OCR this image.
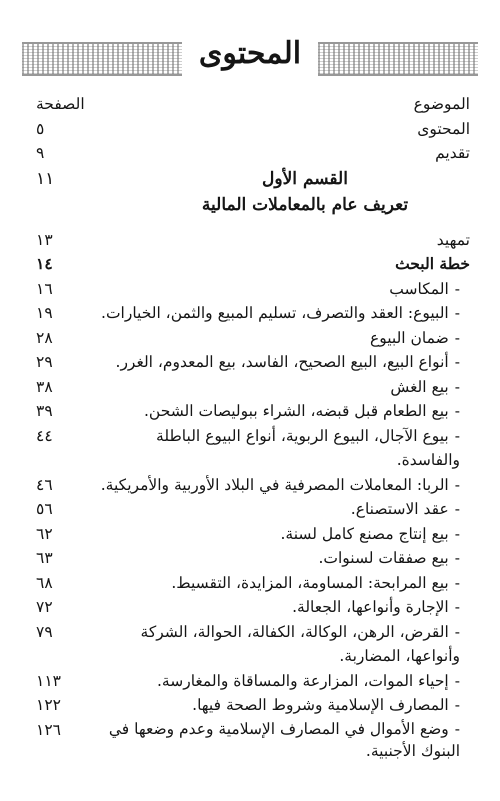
المحتوى
الموضوع
الصفحة
المحتوى
٥
تقديم
٩
القسم الأول
١١
تعريف عام بالمعاملات المالية
تمهيد
١٣
خطة البحث
١٤
-المكاسب
١٦
-البيوع: العقد والتصرف، تسليم المبيع والثمن، الخيارات.
١٩
-ضمان البيوع
٢٨
-أنواع البيع، البيع الصحيح، الفاسد، بيع المعدوم، الغرر.
٢٩
-بيع الغش
٣٨
-بيع الطعام قبل قبضه، الشراء ببوليصات الشحن.
٣٩
-بيوع الآجال، البيوع الربوية، أنواع البيوع الباطلة والفاسدة.
٤٤
-الربا: المعاملات المصرفية في البلاد الأوربية والأمريكية.
٤٦
-عقد الاستصناع.
٥٦
-بيع إنتاج مصنع كامل لسنة.
٦٢
-بيع صفقات لسنوات.
٦٣
-بيع المرابحة: المساومة، المزايدة، التقسيط.
٦٨
-الإجارة وأنواعها، الجعالة.
٧٢
-القرض، الرهن، الوكالة، الكفالة، الحوالة، الشركة وأنواعها، المضاربة.
٧٩
-إحياء الموات، المزارعة والمساقاة والمغارسة.
١١٣
-المصارف الإسلامية وشروط الصحة فيها.
١٢٢
-وضع الأموال في المصارف الإسلامية وعدم وضعها في البنوك الأجنبية.
١٢٦
